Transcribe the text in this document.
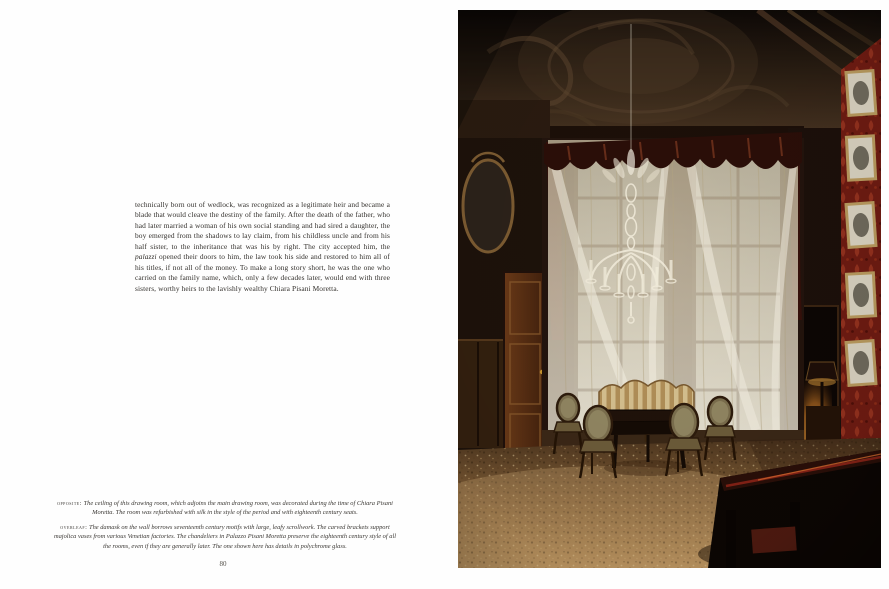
technically born out of wedlock, was recognized as a legitimate heir and became a blade that would cleave the destiny of the family. After the death of the father, who had later married a woman of his own social standing and had sired a daughter, the boy emerged from the shadows to lay claim, from his childless uncle and from his half sister, to the inheritance that was his by right. The city accepted him, the palazzi opened their doors to him, the law took his side and restored to him all of his titles, if not all of the money. To make a long story short, he was the one who carried on the family name, which, only a few decades later, would end with three sisters, worthy heirs to the lavishly wealthy Chiara Pisani Moretta.
opposite: The ceiling of this drawing room, which adjoins the main drawing room, was decorated during the time of Chiara Pisani Moretta. The room was refurbished with silk in the style of the period and with eighteenth century seats.
overleaf: The damask on the wall borrows seventeenth century motifs with large, leafy scrollwork. The carved brackets support majolica vases from various Venetian factories. The chandeliers in Palazzo Pisani Moretta preserve the eighteenth century style of all the rooms, even if they are generally later. The one shown here has details in polychrome glass.
80
